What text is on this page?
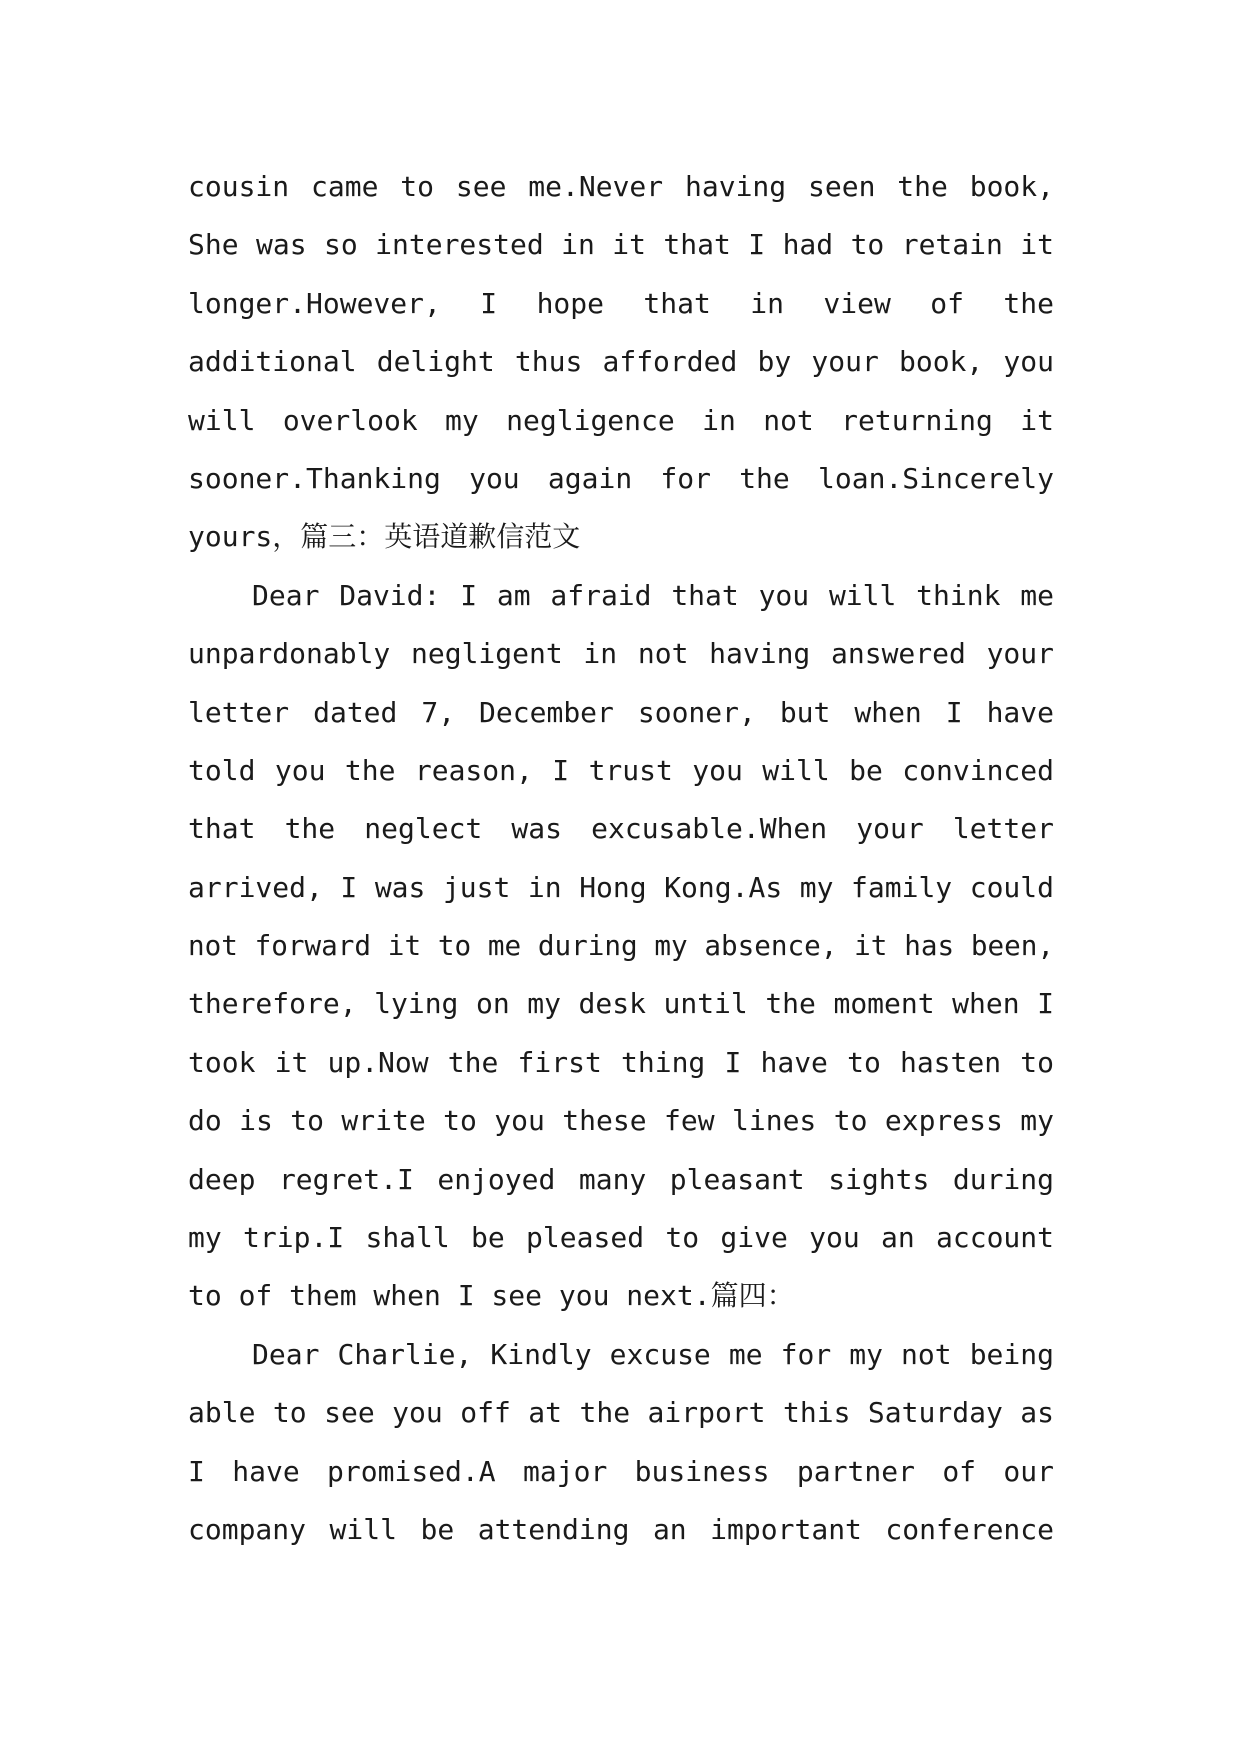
cousin came to see me.Never having seen the book,
She was so interested in it that I had to retain it
longer.However, I hope that in view of the
additional delight thus afforded by your book, you
will overlook my negligence in not returning it
sooner.Thanking you again for the loan.Sincerely
yours，篇三：英语道歉信范文
Dear David: I am afraid that you will think me
unpardonably negligent in not having answered your
letter dated 7, December sooner, but when I have
told you the reason, I trust you will be convinced
that the neglect was excusable.When your letter
arrived, I was just in Hong Kong.As my family could
not forward it to me during my absence, it has been,
therefore, lying on my desk until the moment when I
took it up.Now the first thing I have to hasten to
do is to write to you these few lines to express my
deep regret.I enjoyed many pleasant sights during
my trip.I shall be pleased to give you an account
to of them when I see you next.篇四：
Dear Charlie, Kindly excuse me for my not being
able to see you off at the airport this Saturday as
I have promised.A major business partner of our
company will be attending an important conference
